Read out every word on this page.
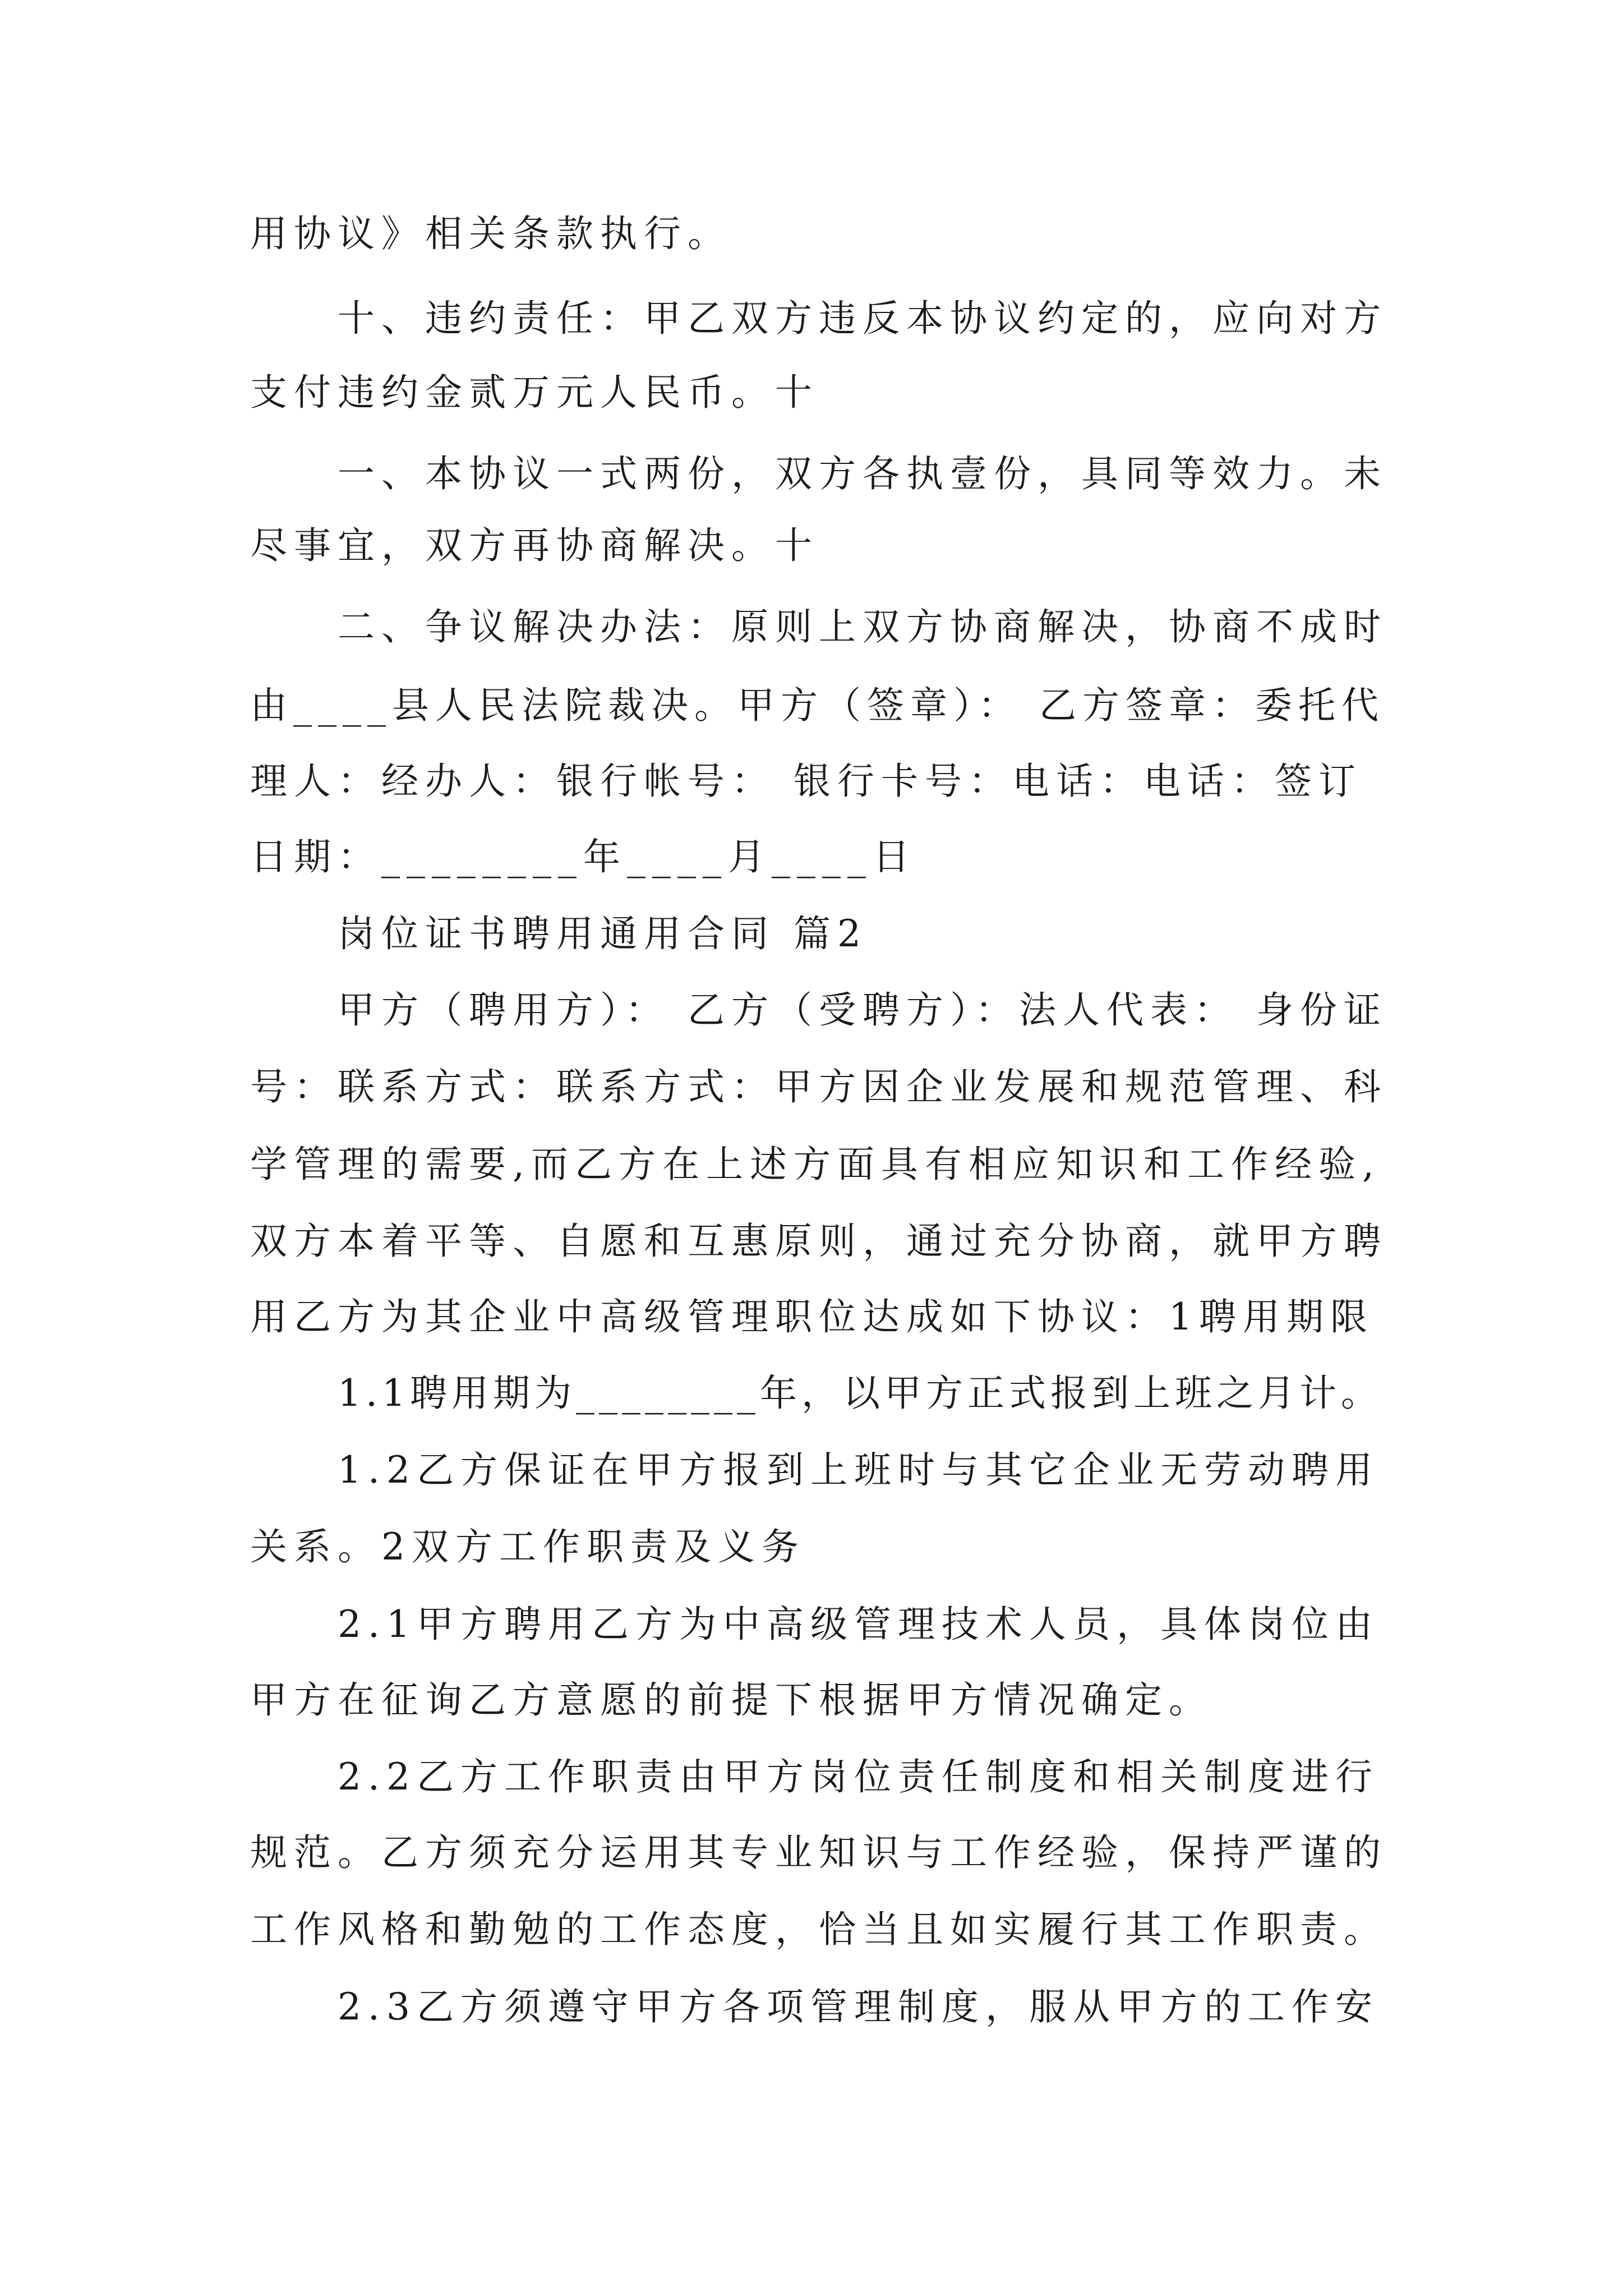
用协议》相关条款执行。
十、违约责任：甲乙双方违反本协议约定的，应向对方
支付违约金贰万元人民币。十
一、本协议一式两份，双方各执壹份，具同等效力。未
尽事宜，双方再协商解决。十
二、争议解决办法：原则上双方协商解决，协商不成时
由____县人民法院裁决。甲方（签章）： 乙方签章：委托代
理人：经办人：银行帐号： 银行卡号：电话：电话：签订
日期：________年____月____日
岗位证书聘用通用合同 篇2
甲方（聘用方）： 乙方（受聘方）：法人代表： 身份证
号：联系方式：联系方式：甲方因企业发展和规范管理、科
学管理的需要,而乙方在上述方面具有相应知识和工作经验,
双方本着平等、自愿和互惠原则，通过充分协商，就甲方聘
用乙方为其企业中高级管理职位达成如下协议：1聘用期限
1.1聘用期为________年，以甲方正式报到上班之月计。
1.2乙方保证在甲方报到上班时与其它企业无劳动聘用
关系。2双方工作职责及义务
2.1甲方聘用乙方为中高级管理技术人员，具体岗位由
甲方在征询乙方意愿的前提下根据甲方情况确定。
2.2乙方工作职责由甲方岗位责任制度和相关制度进行
规范。乙方须充分运用其专业知识与工作经验，保持严谨的
工作风格和勤勉的工作态度，恰当且如实履行其工作职责。
2.3乙方须遵守甲方各项管理制度，服从甲方的工作安
